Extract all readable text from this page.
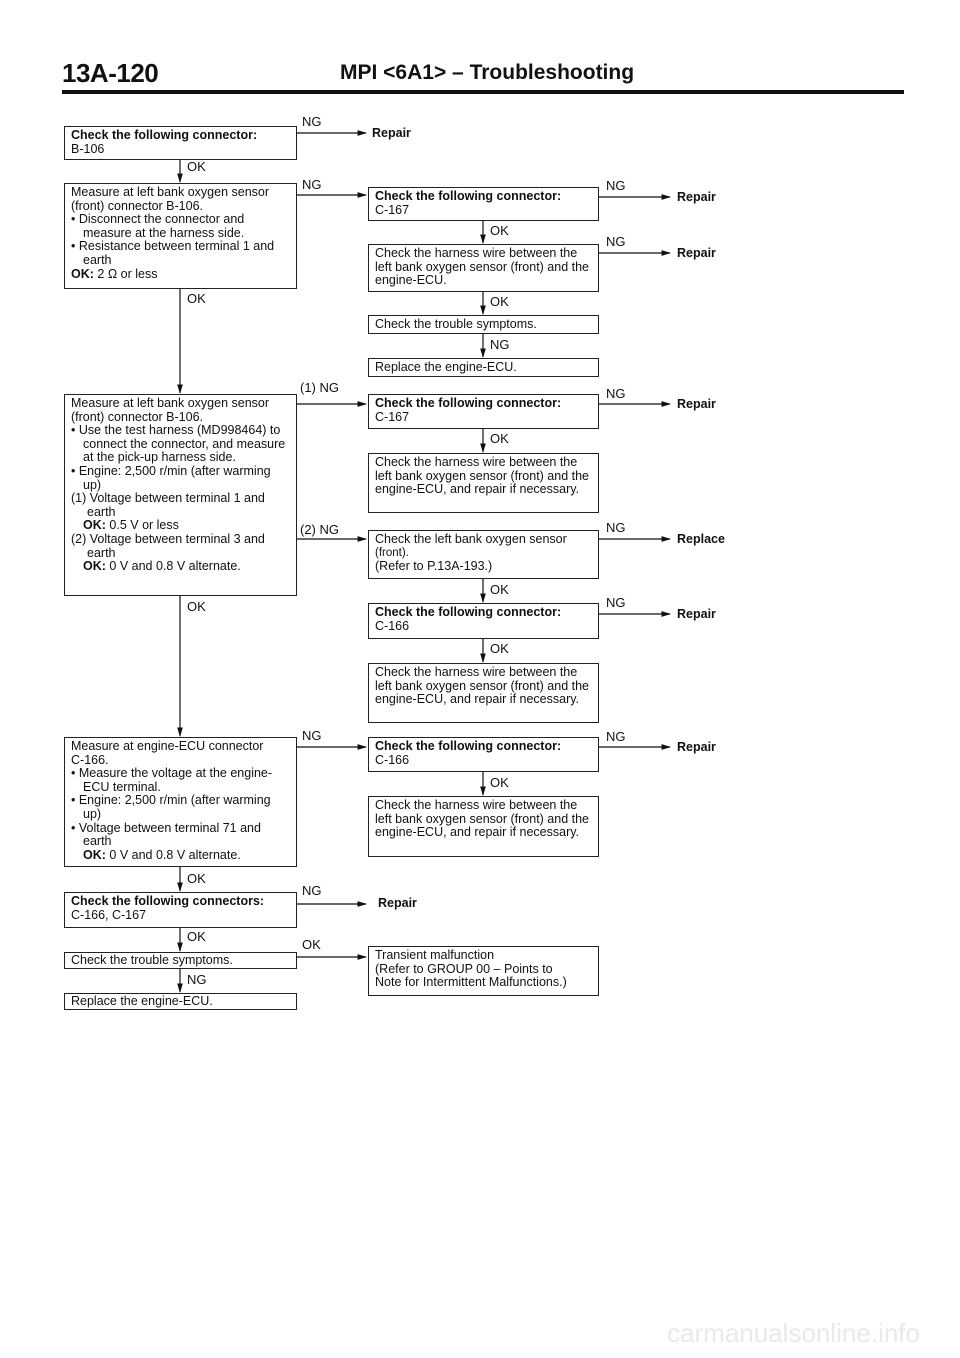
13A-120	MPI <6A1> – Troubleshooting
Check the following connector:
B-106
Measure at left bank oxygen sensor
(front) connector B-106.
• Disconnect the connector and measure at the harness side.
• Resistance between terminal 1 and earth
OK: 2 Ω or less
Measure at left bank oxygen sensor
(front) connector B-106.
• Use the test harness (MD998464) to connect the connector, and measure at the pick-up harness side.
• Engine: 2,500 r/min (after warming up)
(1) Voltage between terminal 1 and earth
OK: 0.5 V or less
(2) Voltage between terminal 3 and earth
OK: 0 V and 0.8 V alternate.
Measure at engine-ECU connector
C-166.
• Measure the voltage at the engine-ECU terminal.
• Engine: 2,500 r/min (after warming up)
• Voltage between terminal 71 and earth
OK: 0 V and 0.8 V alternate.
Check the following connectors:
C-166, C-167
Check the trouble symptoms.
Replace the engine-ECU.
Check the following connector:
C-167
Check the harness wire between the left bank oxygen sensor (front) and the engine-ECU.
Check the trouble symptoms.
Replace the engine-ECU.
Check the following connector:
C-167
Check the harness wire between the left bank oxygen sensor (front) and the engine-ECU, and repair if necessary.
Check the left bank oxygen sensor
(front).
(Refer to P.13A-193.)
Check the following connector:
C-166
Check the harness wire between the left bank oxygen sensor (front) and the engine-ECU, and repair if necessary.
Check the following connector:
C-166
Check the harness wire between the left bank oxygen sensor (front) and the engine-ECU, and repair if necessary.
Transient malfunction
(Refer to GROUP 00 – Points to
Note for Intermittent Malfunctions.)
OK
OK
OK
OK
OK
NG
NG
NG
(1) NG
(2) NG
NG
NG
OK
OK
OK
NG
OK
OK
OK
OK
NG
NG
NG
NG
NG
NG
Repair
Repair
Repair
Repair
Repair
Replace
Repair
Repair
carmanualsonline.info
